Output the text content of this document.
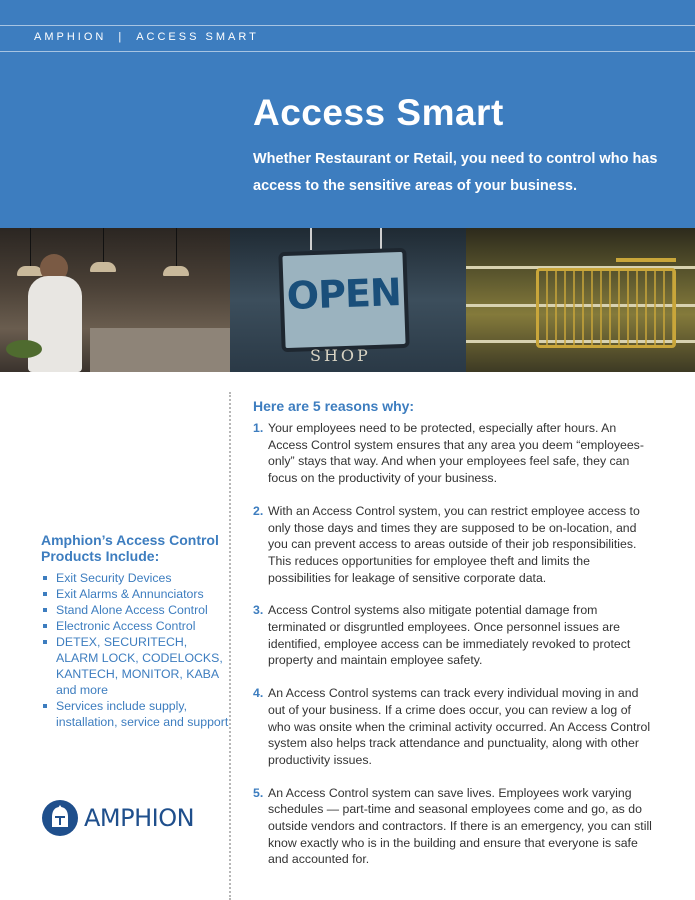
AMPHION | ACCESS SMART
Access Smart

Whether Restaurant or Retail, you need to control who has access to the sensitive areas of your business.

OPEN
SHOP
Amphion’s Access Control Products Include:
Exit Security Devices
Exit Alarms & Annunciators
Stand Alone Access Control
Electronic Access Control
DETEX, SECURITECH, ALARM LOCK, CODELOCKS, KANTECH, MONITOR, KABA and more
Services include supply, installation, service and support
AMPHION
Here are 5 reasons why:
1. Your employees need to be protected, especially after hours. An Access Control system ensures that any area you deem “employees-only” stays that way. And when your employees feel safe, they can focus on the productivity of your business.
2. With an Access Control system, you can restrict employee access to only those days and times they are supposed to be on-location, and you can prevent access to areas outside of their job responsibilities. This reduces opportunities for employee theft and limits the possibilities for leakage of sensitive corporate data.
3. Access Control systems also mitigate potential damage from terminated or disgruntled employees. Once personnel issues are identified, employee access can be immediately revoked to protect property and maintain employee safety.
4. An Access Control systems can track every individual moving in and out of your business. If a crime does occur, you can review a log of who was onsite when the criminal activity occurred. An Access Control system also helps track attendance and punctuality, along with other productivity issues.
5. An Access Control system can save lives. Employees work varying schedules — part-time and seasonal employees come and go, as do outside vendors and contractors. If there is an emergency, you can still know exactly who is in the building and ensure that everyone is safe and accounted for.
